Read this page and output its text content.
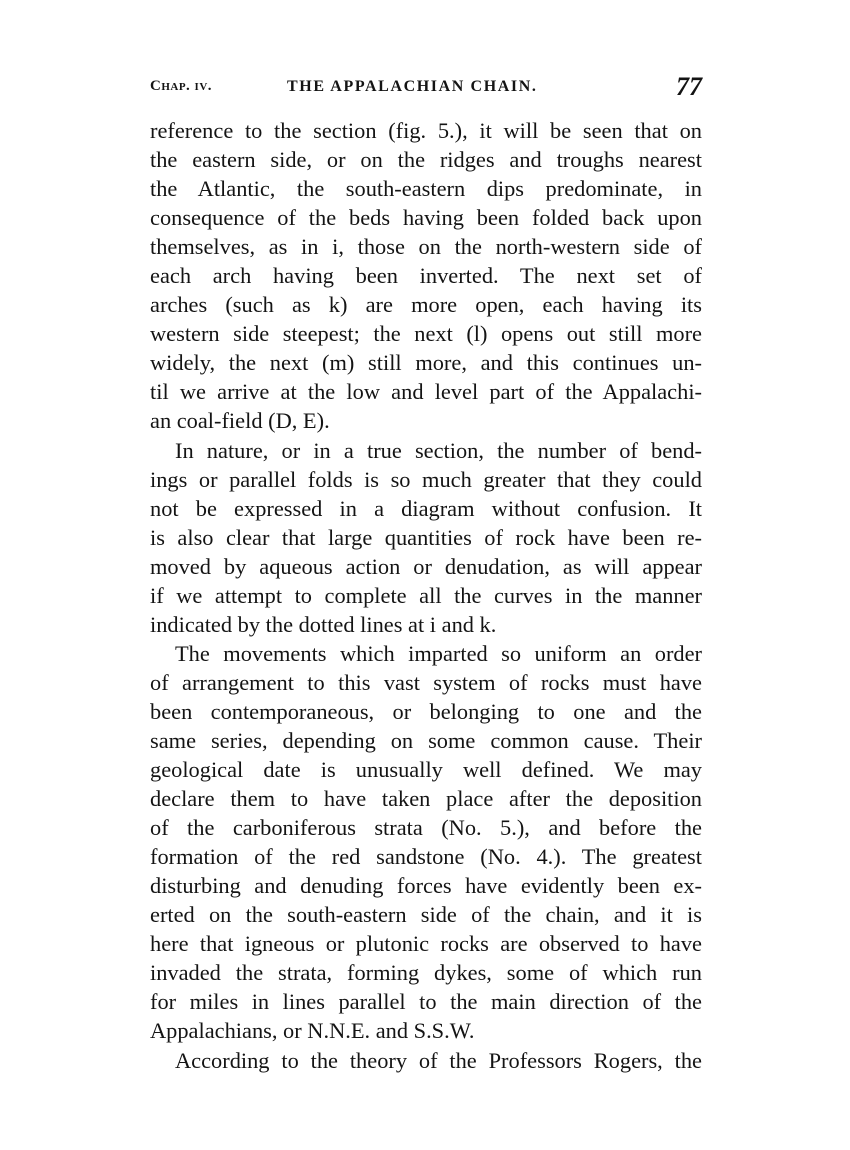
Chap. iv.	THE APPALACHIAN CHAIN.	77
reference to the section (fig. 5.), it will be seen that on
the eastern side, or on the ridges and troughs nearest
the Atlantic, the south-eastern dips predominate, in
consequence of the beds having been folded back upon
themselves, as in i, those on the north-western side of
each arch having been inverted. The next set of
arches (such as k) are more open, each having its
western side steepest; the next (l) opens out still more
widely, the next (m) still more, and this continues un-
til we arrive at the low and level part of the Appalachi-
an coal-field (D, E).
In nature, or in a true section, the number of bend-
ings or parallel folds is so much greater that they could
not be expressed in a diagram without confusion. It
is also clear that large quantities of rock have been re-
moved by aqueous action or denudation, as will appear
if we attempt to complete all the curves in the manner
indicated by the dotted lines at i and k.
The movements which imparted so uniform an order
of arrangement to this vast system of rocks must have
been contemporaneous, or belonging to one and the
same series, depending on some common cause. Their
geological date is unusually well defined. We may
declare them to have taken place after the deposition
of the carboniferous strata (No. 5.), and before the
formation of the red sandstone (No. 4.). The greatest
disturbing and denuding forces have evidently been ex-
erted on the south-eastern side of the chain, and it is
here that igneous or plutonic rocks are observed to have
invaded the strata, forming dykes, some of which run
for miles in lines parallel to the main direction of the
Appalachians, or N.N.E. and S.S.W.
According to the theory of the Professors Rogers, the
